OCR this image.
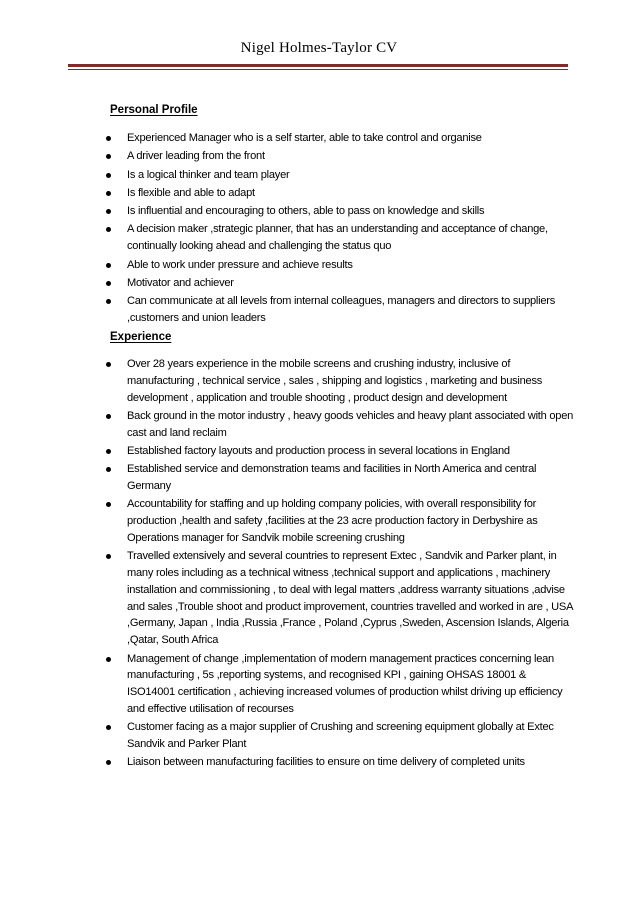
Nigel Holmes-Taylor CV
Personal Profile
Experienced Manager who is a self starter, able to take control and organise
A driver leading from the front
Is a logical thinker and team player
Is flexible and able to adapt
Is influential and encouraging to others, able to pass on knowledge and skills
A decision maker ,strategic planner, that has an understanding and acceptance of change, continually looking ahead and challenging the status quo
Able to work under pressure and achieve results
Motivator and achiever
Can communicate at all levels from internal colleagues, managers and directors to suppliers ,customers and union leaders
Experience
Over 28 years experience in the mobile screens and crushing industry, inclusive of manufacturing , technical service , sales , shipping and logistics , marketing and business development , application and trouble shooting , product design and development
Back ground in the motor industry , heavy goods vehicles and heavy plant associated with open cast and land reclaim
Established factory layouts and production process in several locations in England
Established service and demonstration teams and facilities in North America and central Germany
Accountability for staffing and up holding company policies, with overall responsibility for production ,health and safety ,facilities at the 23 acre production factory in Derbyshire as Operations manager for Sandvik mobile screening crushing
Travelled extensively and several countries to represent Extec , Sandvik and Parker plant, in many roles including as a technical witness ,technical support and applications , machinery installation and commissioning , to deal with legal matters ,address warranty situations ,advise and sales ,Trouble shoot and product improvement, countries travelled and worked in are , USA ,Germany, Japan , India ,Russia ,France , Poland ,Cyprus ,Sweden, Ascension Islands, Algeria ,Qatar, South Africa
Management of change ,implementation of modern management practices concerning lean manufacturing , 5s ,reporting systems, and recognised KPI , gaining OHSAS 18001 & ISO14001 certification , achieving increased volumes of production whilst driving up efficiency and effective utilisation of recourses
Customer facing as a major supplier of Crushing and screening equipment globally at Extec Sandvik and Parker Plant
Liaison between manufacturing facilities to ensure on time delivery of completed units
